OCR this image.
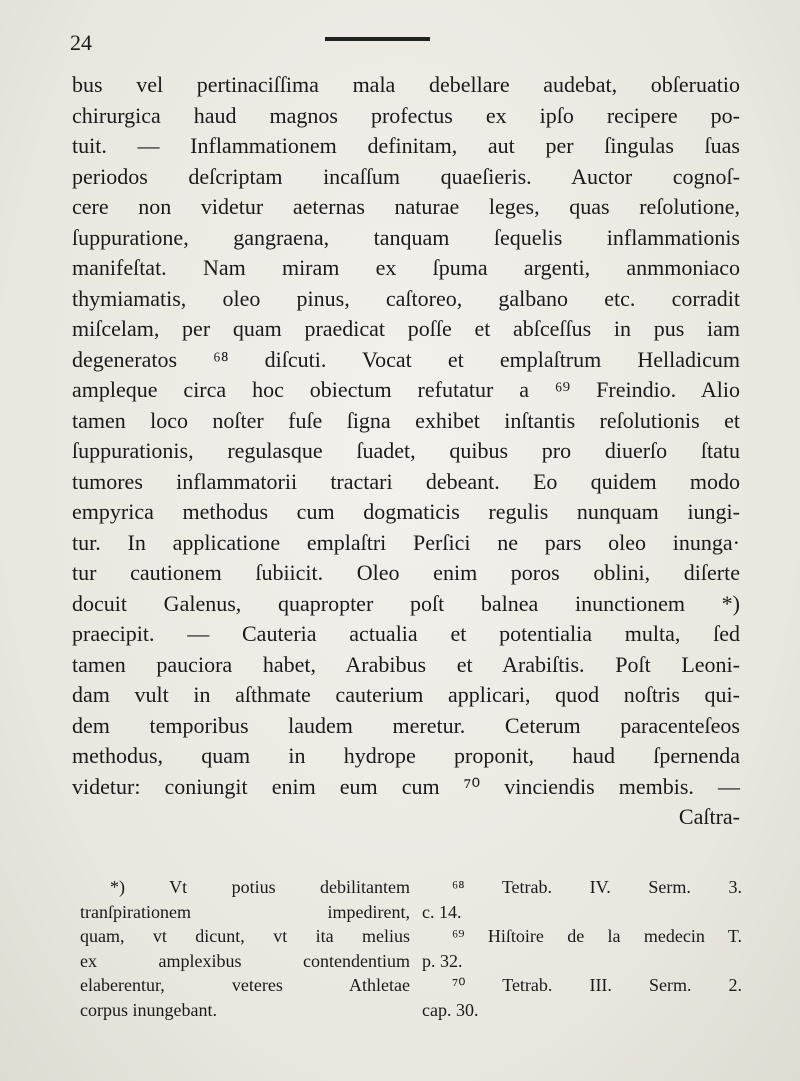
24
bus vel pertinaciſſima mala debellare audebat, obſeruatio
chirurgica haud magnos profectus ex ipſo recipere po-
tuit. — Inflammationem definitam, aut per ſingulas ſuas
periodos deſcriptam incaſſum quaeſieris. Auctor cognoſ-
cere non videtur aeternas naturae leges, quas reſolutione,
ſuppuratione, gangraena, tanquam ſequelis inflammationis
manifeſtat. Nam miram ex ſpuma argenti, anmmoniaco
thymiamatis, oleo pinus, caſtoreo, galbano etc. corradit
miſcelam, per quam praedicat poſſe et abſceſſus in pus iam
degeneratos ⁶⁸ diſcuti. Vocat et emplaſtrum Helladicum
ampleque circa hoc obiectum refutatur a ⁶⁹ Freindio. Alio
tamen loco noſter fuſe ſigna exhibet inſtantis reſolutionis et
ſuppurationis, regulasque ſuadet, quibus pro diuerſo ſtatu
tumores inflammatorii tractari debeant. Eo quidem modo
empyrica methodus cum dogmaticis regulis nunquam iungi-
tur. In applicatione emplaſtri Perſici ne pars oleo inunga·
tur cautionem ſubiicit. Oleo enim poros oblini, diſerte
docuit Galenus, quapropter poſt balnea inunctionem *)
praecipit. — Cauteria actualia et potentialia multa, ſed
tamen pauciora habet, Arabibus et Arabiſtis. Poſt Leoni-
dam vult in aſthmate cauterium applicari, quod noſtris qui-
dem temporibus laudem meretur. Ceterum paracenteſeos
methodus, quam in hydrope proponit, haud ſpernenda
videtur: coniungit enim eum cum ⁷⁰ vinciendis membis. —
Caſtra-
*) Vt potius debilitantem
tranſpirationem impedirent,
quam, vt dicunt, vt ita melius
ex amplexibus contendentium
elaberentur, veteres Athletae
corpus inungebant.
⁶⁸ Tetrab. IV. Serm. 3.
c. 14.
⁶⁹ Hiſtoire de la medecin T.
p. 32.
⁷⁰ Tetrab. III. Serm. 2.
cap. 30.
